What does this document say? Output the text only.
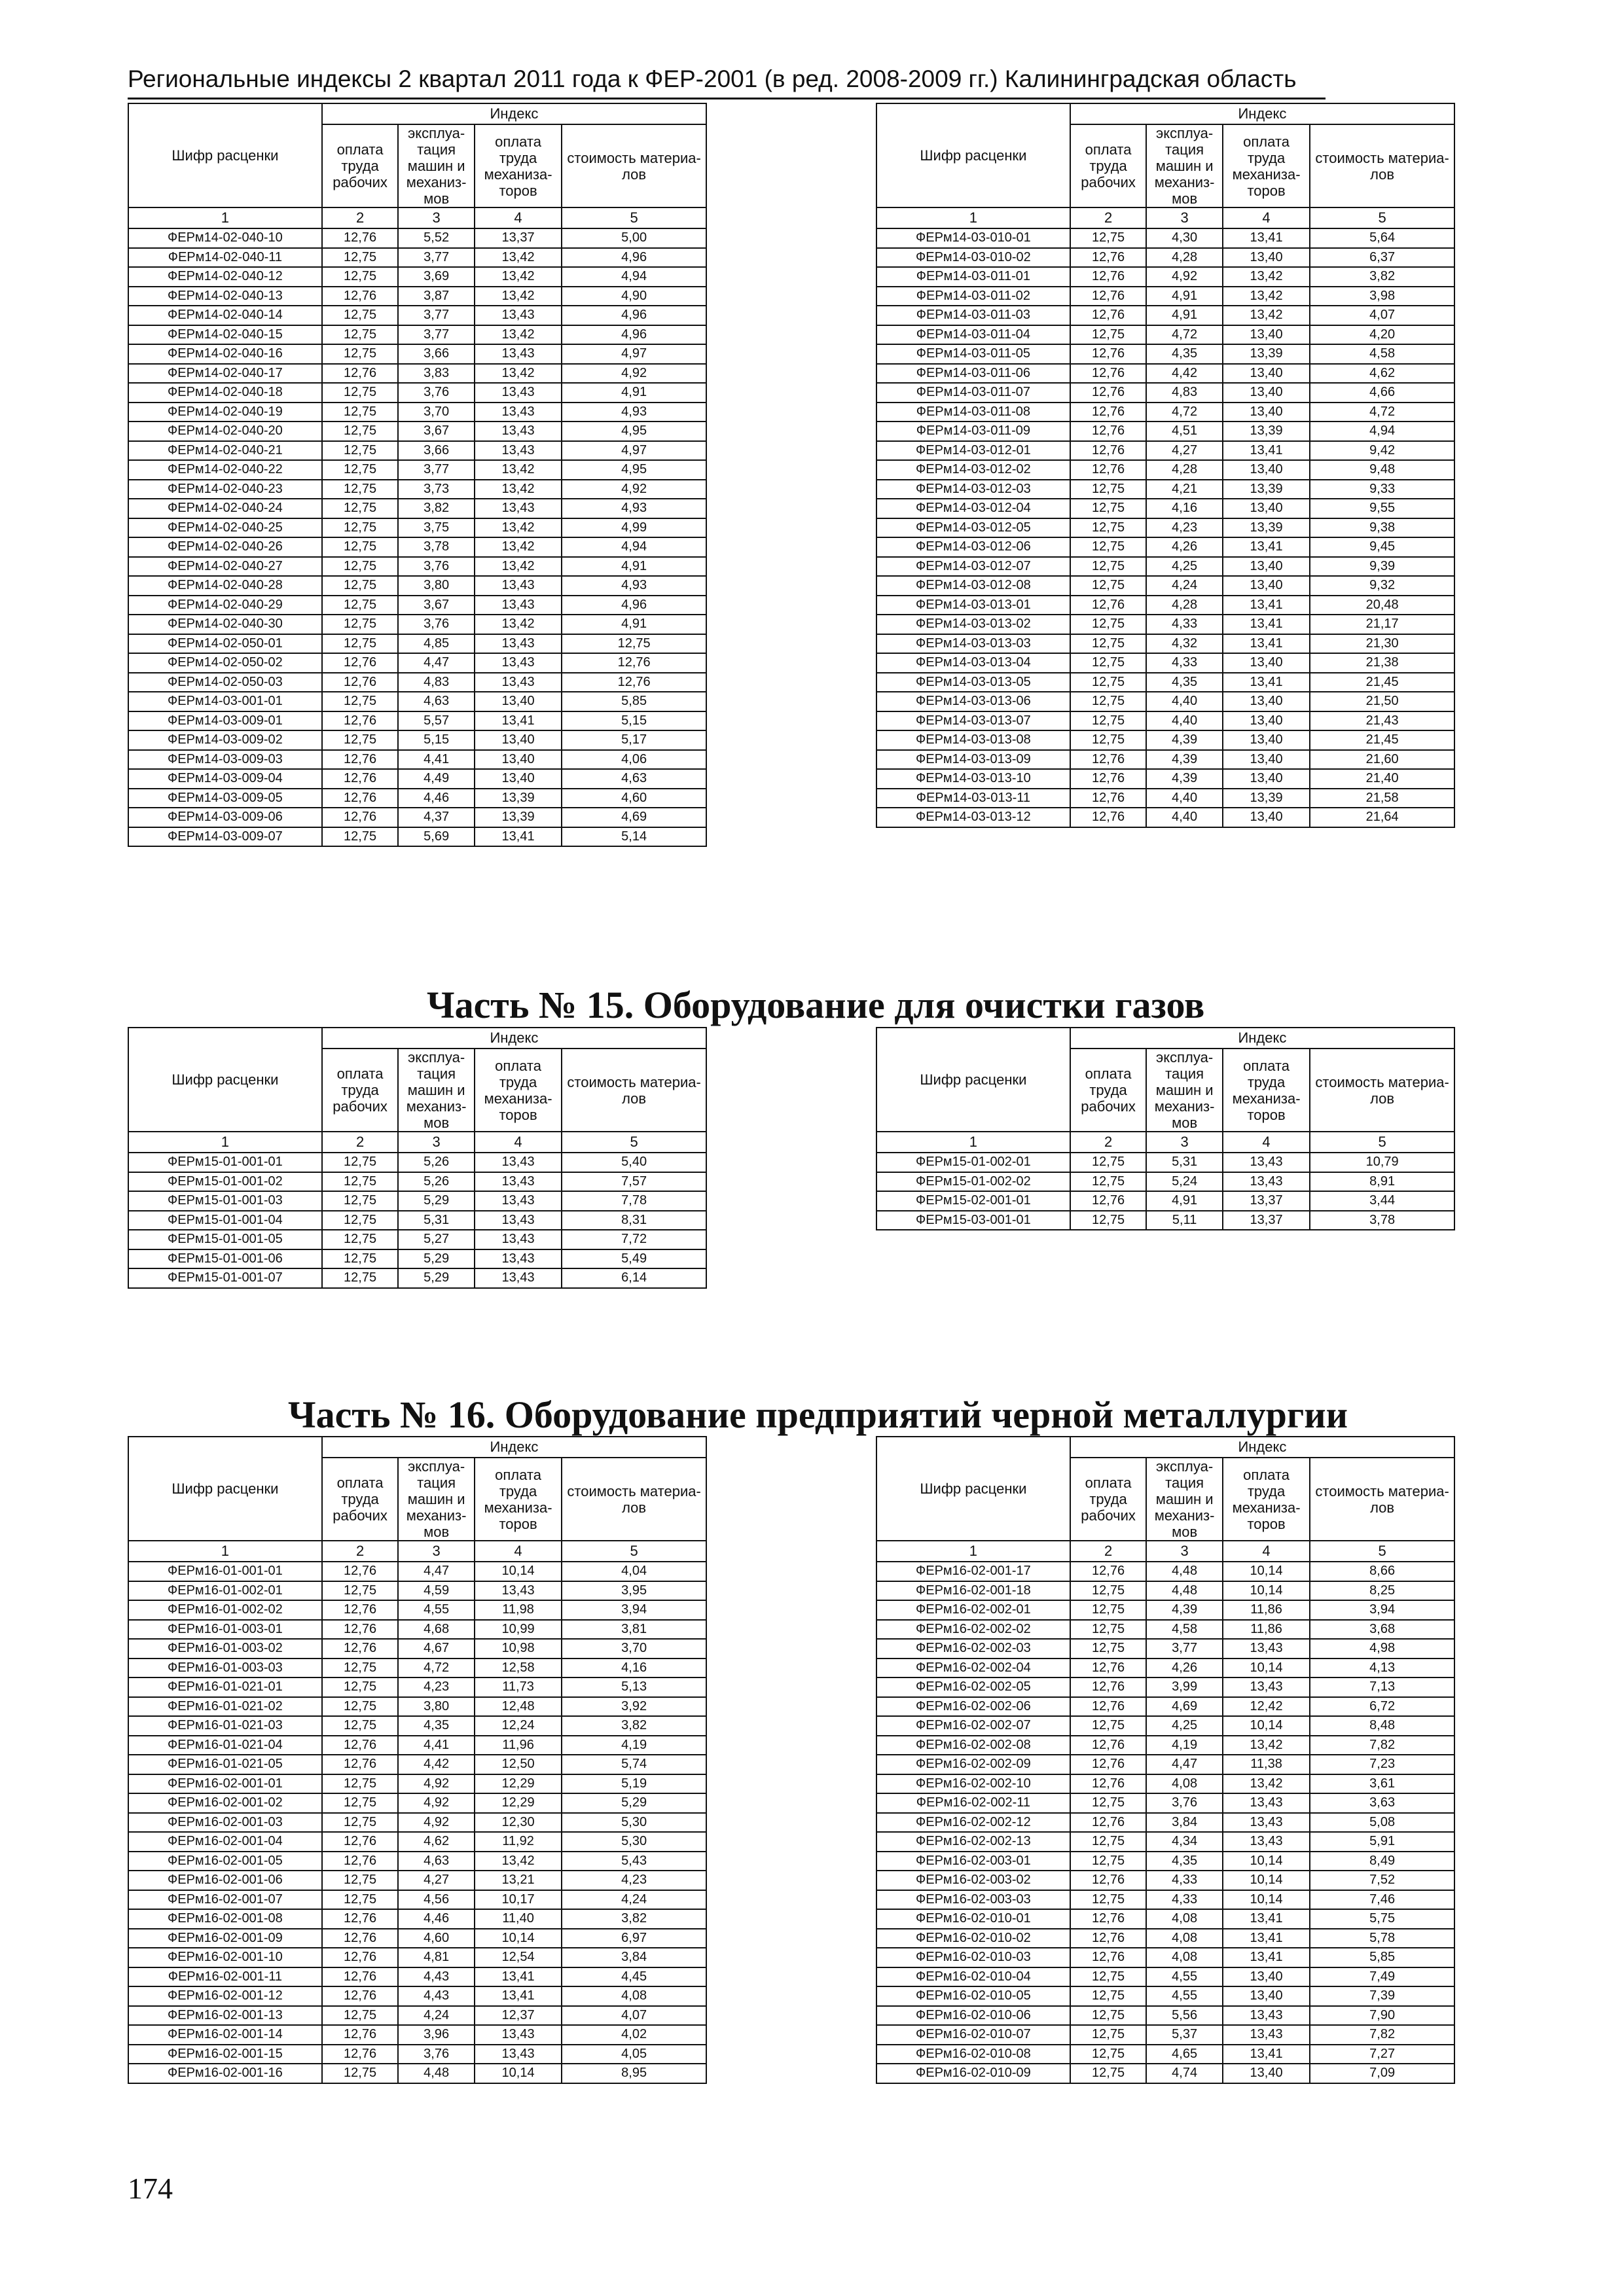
Региональные индексы 2 квартал 2011 года к ФЕР-2001 (в ред. 2008-2009 гг.) Калининградская область
Шифр расценки	Индекс			
	оплата труда рабочих	эксплуа-тация машин и механиз-мов	оплата труда механиза-торов	стоимость материа-лов
1	2	3	4	5
ФЕРм14-02-040-10	12,76	5,52	13,37	5,00
ФЕРм14-02-040-11	12,75	3,77	13,42	4,96
ФЕРм14-02-040-12	12,75	3,69	13,42	4,94
ФЕРм14-02-040-13	12,76	3,87	13,42	4,90
ФЕРм14-02-040-14	12,75	3,77	13,43	4,96
ФЕРм14-02-040-15	12,75	3,77	13,42	4,96
ФЕРм14-02-040-16	12,75	3,66	13,43	4,97
ФЕРм14-02-040-17	12,76	3,83	13,42	4,92
ФЕРм14-02-040-18	12,75	3,76	13,43	4,91
ФЕРм14-02-040-19	12,75	3,70	13,43	4,93
ФЕРм14-02-040-20	12,75	3,67	13,43	4,95
ФЕРм14-02-040-21	12,75	3,66	13,43	4,97
ФЕРм14-02-040-22	12,75	3,77	13,42	4,95
ФЕРм14-02-040-23	12,75	3,73	13,42	4,92
ФЕРм14-02-040-24	12,75	3,82	13,43	4,93
ФЕРм14-02-040-25	12,75	3,75	13,42	4,99
ФЕРм14-02-040-26	12,75	3,78	13,42	4,94
ФЕРм14-02-040-27	12,75	3,76	13,42	4,91
ФЕРм14-02-040-28	12,75	3,80	13,43	4,93
ФЕРм14-02-040-29	12,75	3,67	13,43	4,96
ФЕРм14-02-040-30	12,75	3,76	13,42	4,91
ФЕРм14-02-050-01	12,75	4,85	13,43	12,75
ФЕРм14-02-050-02	12,76	4,47	13,43	12,76
ФЕРм14-02-050-03	12,76	4,83	13,43	12,76
ФЕРм14-03-001-01	12,75	4,63	13,40	5,85
ФЕРм14-03-009-01	12,76	5,57	13,41	5,15
ФЕРм14-03-009-02	12,75	5,15	13,40	5,17
ФЕРм14-03-009-03	12,76	4,41	13,40	4,06
ФЕРм14-03-009-04	12,76	4,49	13,40	4,63
ФЕРм14-03-009-05	12,76	4,46	13,39	4,60
ФЕРм14-03-009-06	12,76	4,37	13,39	4,69
ФЕРм14-03-009-07	12,75	5,69	13,41	5,14
Шифр расценки	Индекс			
	оплата труда рабочих	эксплуа-тация машин и механиз-мов	оплата труда механиза-торов	стоимость материа-лов
1	2	3	4	5
ФЕРм14-03-010-01	12,75	4,30	13,41	5,64
ФЕРм14-03-010-02	12,76	4,28	13,40	6,37
ФЕРм14-03-011-01	12,76	4,92	13,42	3,82
ФЕРм14-03-011-02	12,76	4,91	13,42	3,98
ФЕРм14-03-011-03	12,76	4,91	13,42	4,07
ФЕРм14-03-011-04	12,75	4,72	13,40	4,20
ФЕРм14-03-011-05	12,76	4,35	13,39	4,58
ФЕРм14-03-011-06	12,76	4,42	13,40	4,62
ФЕРм14-03-011-07	12,76	4,83	13,40	4,66
ФЕРм14-03-011-08	12,76	4,72	13,40	4,72
ФЕРм14-03-011-09	12,76	4,51	13,39	4,94
ФЕРм14-03-012-01	12,76	4,27	13,41	9,42
ФЕРм14-03-012-02	12,76	4,28	13,40	9,48
ФЕРм14-03-012-03	12,75	4,21	13,39	9,33
ФЕРм14-03-012-04	12,75	4,16	13,40	9,55
ФЕРм14-03-012-05	12,75	4,23	13,39	9,38
ФЕРм14-03-012-06	12,75	4,26	13,41	9,45
ФЕРм14-03-012-07	12,75	4,25	13,40	9,39
ФЕРм14-03-012-08	12,75	4,24	13,40	9,32
ФЕРм14-03-013-01	12,76	4,28	13,41	20,48
ФЕРм14-03-013-02	12,75	4,33	13,41	21,17
ФЕРм14-03-013-03	12,75	4,32	13,41	21,30
ФЕРм14-03-013-04	12,75	4,33	13,40	21,38
ФЕРм14-03-013-05	12,75	4,35	13,41	21,45
ФЕРм14-03-013-06	12,75	4,40	13,40	21,50
ФЕРм14-03-013-07	12,75	4,40	13,40	21,43
ФЕРм14-03-013-08	12,75	4,39	13,40	21,45
ФЕРм14-03-013-09	12,76	4,39	13,40	21,60
ФЕРм14-03-013-10	12,76	4,39	13,40	21,40
ФЕРм14-03-013-11	12,76	4,40	13,39	21,58
ФЕРм14-03-013-12	12,76	4,40	13,40	21,64
Часть № 15. Оборудование для очистки газов
Шифр расценки	Индекс			
	оплата труда рабочих	эксплуа-тация машин и механиз-мов	оплата труда механиза-торов	стоимость материа-лов
1	2	3	4	5
ФЕРм15-01-001-01	12,75	5,26	13,43	5,40
ФЕРм15-01-001-02	12,75	5,26	13,43	7,57
ФЕРм15-01-001-03	12,75	5,29	13,43	7,78
ФЕРм15-01-001-04	12,75	5,31	13,43	8,31
ФЕРм15-01-001-05	12,75	5,27	13,43	7,72
ФЕРм15-01-001-06	12,75	5,29	13,43	5,49
ФЕРм15-01-001-07	12,75	5,29	13,43	6,14
Шифр расценки	Индекс			
	оплата труда рабочих	эксплуа-тация машин и механиз-мов	оплата труда механиза-торов	стоимость материа-лов
1	2	3	4	5
ФЕРм15-01-002-01	12,75	5,31	13,43	10,79
ФЕРм15-01-002-02	12,75	5,24	13,43	8,91
ФЕРм15-02-001-01	12,76	4,91	13,37	3,44
ФЕРм15-03-001-01	12,75	5,11	13,37	3,78
Часть № 16. Оборудование предприятий черной металлургии
Шифр расценки	Индекс			
	оплата труда рабочих	эксплуа-тация машин и механиз-мов	оплата труда механиза-торов	стоимость материа-лов
1	2	3	4	5
ФЕРм16-01-001-01	12,76	4,47	10,14	4,04
ФЕРм16-01-002-01	12,75	4,59	13,43	3,95
ФЕРм16-01-002-02	12,76	4,55	11,98	3,94
ФЕРм16-01-003-01	12,76	4,68	10,99	3,81
ФЕРм16-01-003-02	12,76	4,67	10,98	3,70
ФЕРм16-01-003-03	12,75	4,72	12,58	4,16
ФЕРм16-01-021-01	12,75	4,23	11,73	5,13
ФЕРм16-01-021-02	12,75	3,80	12,48	3,92
ФЕРм16-01-021-03	12,75	4,35	12,24	3,82
ФЕРм16-01-021-04	12,76	4,41	11,96	4,19
ФЕРм16-01-021-05	12,76	4,42	12,50	5,74
ФЕРм16-02-001-01	12,75	4,92	12,29	5,19
ФЕРм16-02-001-02	12,75	4,92	12,29	5,29
ФЕРм16-02-001-03	12,75	4,92	12,30	5,30
ФЕРм16-02-001-04	12,76	4,62	11,92	5,30
ФЕРм16-02-001-05	12,76	4,63	13,42	5,43
ФЕРм16-02-001-06	12,75	4,27	13,21	4,23
ФЕРм16-02-001-07	12,75	4,56	10,17	4,24
ФЕРм16-02-001-08	12,76	4,46	11,40	3,82
ФЕРм16-02-001-09	12,76	4,60	10,14	6,97
ФЕРм16-02-001-10	12,76	4,81	12,54	3,84
ФЕРм16-02-001-11	12,76	4,43	13,41	4,45
ФЕРм16-02-001-12	12,76	4,43	13,41	4,08
ФЕРм16-02-001-13	12,75	4,24	12,37	4,07
ФЕРм16-02-001-14	12,76	3,96	13,43	4,02
ФЕРм16-02-001-15	12,76	3,76	13,43	4,05
ФЕРм16-02-001-16	12,75	4,48	10,14	8,95
Шифр расценки	Индекс			
	оплата труда рабочих	эксплуа-тация машин и механиз-мов	оплата труда механиза-торов	стоимость материа-лов
1	2	3	4	5
ФЕРм16-02-001-17	12,76	4,48	10,14	8,66
ФЕРм16-02-001-18	12,75	4,48	10,14	8,25
ФЕРм16-02-002-01	12,75	4,39	11,86	3,94
ФЕРм16-02-002-02	12,75	4,58	11,86	3,68
ФЕРм16-02-002-03	12,75	3,77	13,43	4,98
ФЕРм16-02-002-04	12,76	4,26	10,14	4,13
ФЕРм16-02-002-05	12,76	3,99	13,43	7,13
ФЕРм16-02-002-06	12,76	4,69	12,42	6,72
ФЕРм16-02-002-07	12,75	4,25	10,14	8,48
ФЕРм16-02-002-08	12,76	4,19	13,42	7,82
ФЕРм16-02-002-09	12,76	4,47	11,38	7,23
ФЕРм16-02-002-10	12,76	4,08	13,42	3,61
ФЕРм16-02-002-11	12,75	3,76	13,43	3,63
ФЕРм16-02-002-12	12,76	3,84	13,43	5,08
ФЕРм16-02-002-13	12,75	4,34	13,43	5,91
ФЕРм16-02-003-01	12,75	4,35	10,14	8,49
ФЕРм16-02-003-02	12,76	4,33	10,14	7,52
ФЕРм16-02-003-03	12,75	4,33	10,14	7,46
ФЕРм16-02-010-01	12,76	4,08	13,41	5,75
ФЕРм16-02-010-02	12,76	4,08	13,41	5,78
ФЕРм16-02-010-03	12,76	4,08	13,41	5,85
ФЕРм16-02-010-04	12,75	4,55	13,40	7,49
ФЕРм16-02-010-05	12,75	4,55	13,40	7,39
ФЕРм16-02-010-06	12,75	5,56	13,43	7,90
ФЕРм16-02-010-07	12,75	5,37	13,43	7,82
ФЕРм16-02-010-08	12,75	4,65	13,41	7,27
ФЕРм16-02-010-09	12,75	4,74	13,40	7,09
174
